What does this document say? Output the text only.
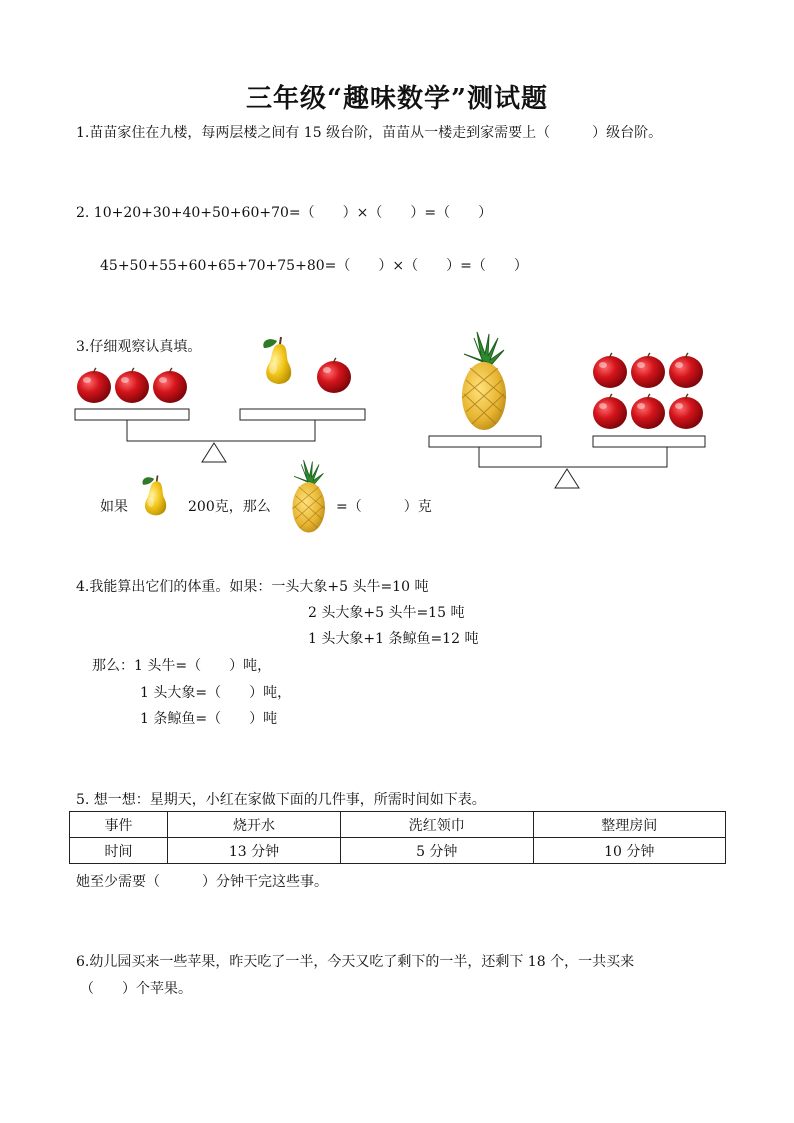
三年级“趣味数学”测试题
1.苗苗家住在九楼，每两层楼之间有 15 级台阶，苗苗从一楼走到家需要上（　　　）级台阶。
2. 10+20+30+40+50+60+70=（　　）×（　　）=（　　）
45+50+55+60+65+70+75+80=（　　）×（　　）=（　　）
3.仔细观察认真填。
如果	200克，那么	=（　　　）克
4.我能算出它们的体重。如果：一头大象+5 头牛=10 吨
2 头大象+5 头牛=15 吨
1 头大象+1 条鲸鱼=12 吨
那么：1 头牛=（　　）吨，
1 头大象=（　　）吨，
1 条鲸鱼=（　　）吨
5. 想一想：星期天，小红在家做下面的几件事，所需时间如下表。
事件	烧开水	洗红领巾	整理房间
时间	13 分钟	5 分钟	10 分钟
她至少需要（　　　）分钟干完这些事。
6.幼儿园买来一些苹果，昨天吃了一半，今天又吃了剩下的一半，还剩下 18 个，一共买来
（　　）个苹果。
